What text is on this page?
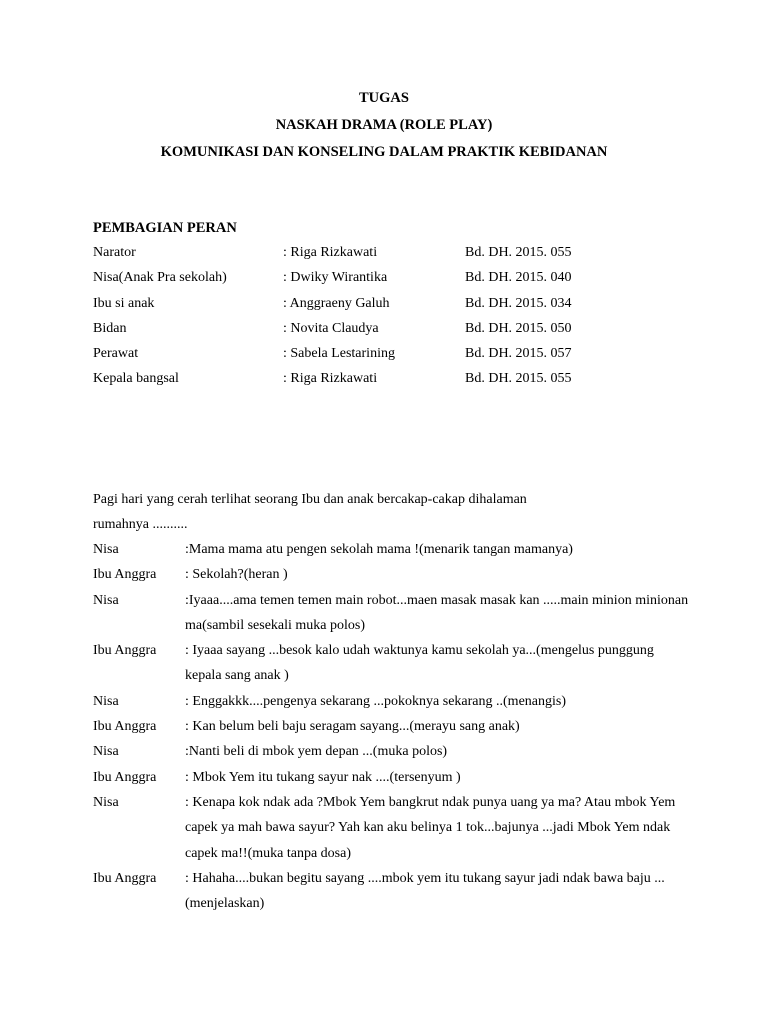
TUGAS
NASKAH DRAMA (ROLE PLAY)
KOMUNIKASI DAN KONSELING DALAM PRAKTIK KEBIDANAN
PEMBAGIAN PERAN
Narator	: Riga Rizkawati	Bd. DH. 2015. 055
Nisa(Anak Pra sekolah)	: Dwiky Wirantika	Bd. DH. 2015. 040
Ibu si anak	: Anggraeny Galuh	Bd. DH. 2015. 034
Bidan	: Novita Claudya	Bd. DH. 2015. 050
Perawat	: Sabela Lestarining	Bd. DH. 2015. 057
Kepala bangsal	: Riga Rizkawati	Bd. DH. 2015. 055
Pagi hari yang cerah terlihat seorang Ibu dan anak bercakap-cakap dihalaman
rumahnya ..........
Nisa	:Mama mama atu pengen sekolah mama !(menarik tangan mamanya)
Ibu Anggra : Sekolah?(heran )
Nisa	:Iyaaa....ama temen temen main robot...maen masak masak kan .....main minion minionan ma(sambil sesekali muka polos)
Ibu Anggra : Iyaaa sayang ...besok kalo udah waktunya kamu sekolah ya...(mengelus punggung kepala sang anak )
Nisa	: Enggakkk....pengenya sekarang ...pokoknya sekarang ..(menangis)
Ibu Anggra : Kan belum beli baju seragam sayang...(merayu sang anak)
Nisa	:Nanti beli di mbok yem depan ...(muka polos)
Ibu Anggra : Mbok Yem itu tukang sayur nak ....(tersenyum )
Nisa	: Kenapa kok ndak ada ?Mbok Yem bangkrut ndak punya uang ya ma? Atau mbok Yem capek ya mah bawa sayur? Yah kan aku belinya 1 tok...bajunya ...jadi Mbok Yem ndak capek ma!!(muka tanpa dosa)
Ibu Anggra : Hahaha....bukan begitu sayang ....mbok yem itu tukang sayur jadi ndak bawa baju ...(menjelaskan)
